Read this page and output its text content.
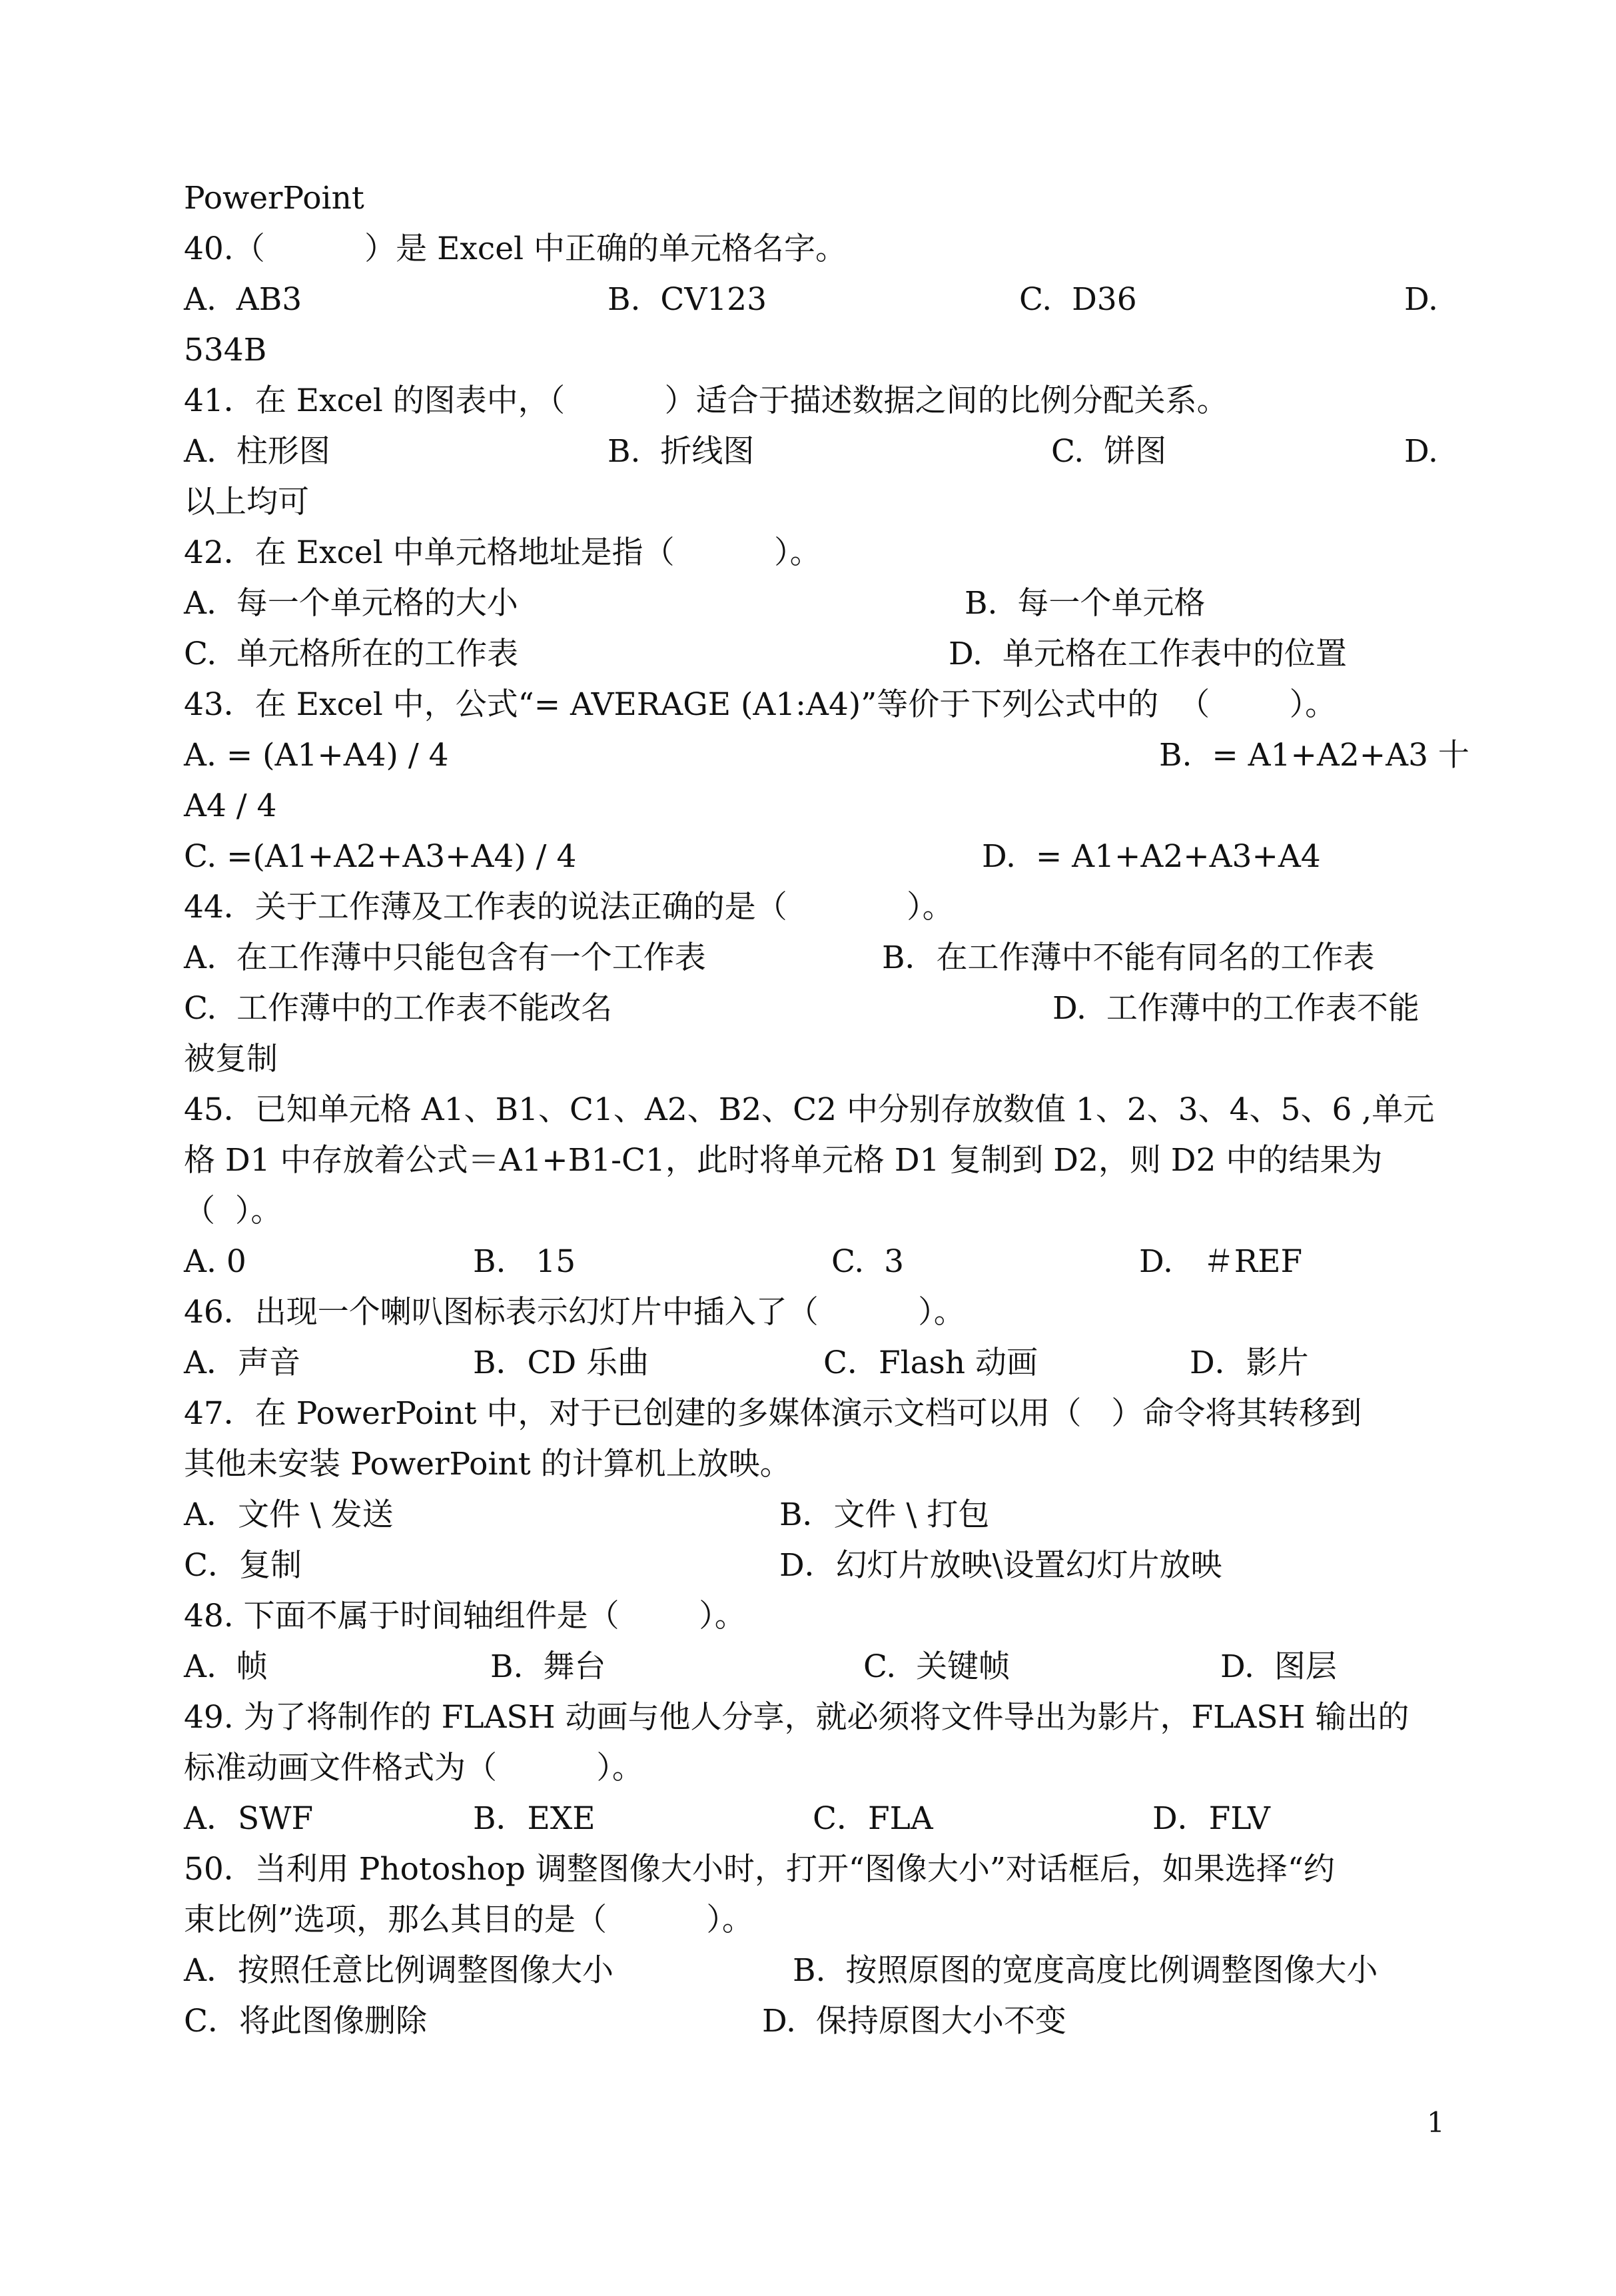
PowerPoint
40.（          ）是 Excel 中正确的单元格名字。
A.  AB3	B.  CV123	C.  D36	D.
534B
41．在 Excel 的图表中，（          ）适合于描述数据之间的比例分配关系。
A.  柱形图	B.  折线图	C.  饼图	D.
以上均可
42．在 Excel 中单元格地址是指（          ）。
A.  每一个单元格的大小	B.  每一个单元格
C.  单元格所在的工作表	D.  单元格在工作表中的位置
43．在 Excel 中，公式“= AVERAGE (A1:A4)”等价于下列公式中的  （        ）。
A. = (A1+A4) / 4	B.  = A1+A2+A3 十
A4 / 4
C. =(A1+A2+A3+A4) / 4	D.  = A1+A2+A3+A4
44．关于工作薄及工作表的说法正确的是（            ）。
A.  在工作薄中只能包含有一个工作表	B．在工作薄中不能有同名的工作表
C.  工作薄中的工作表不能改名	D.  工作薄中的工作表不能
被复制
45．已知单元格 A1、B1、C1、A2、B2、C2 中分别存放数值 1、2、3、4、5、6 ,单元
格 D1 中存放着公式＝A1+B1-C1，此时将单元格 D1 复制到 D2，则 D2 中的结果为
（  ）。
A. 0	B.   15	C.  3	D.   ＃REF
46．出现一个喇叭图标表示幻灯片中插入了（          ）。
A．声音	B．CD 乐曲	C．Flash 动画	D．影片
47．在 PowerPoint 中，对于已创建的多媒体演示文档可以用（   ）命令将其转移到
其他未安装 PowerPoint 的计算机上放映。
A．文件 \ 发送	B．文件 \ 打包
C．复制	D．幻灯片放映\设置幻灯片放映
48. 下面不属于时间轴组件是（        ）。
A.  帧	B.  舞台	C.  关键帧	D.  图层
49. 为了将制作的 FLASH 动画与他人分享，就必须将文件导出为影片，FLASH 输出的
标准动画文件格式为（          ）。
A．SWF	B．EXE	C．FLA	D．FLV
50．当利用 Photoshop 调整图像大小时，打开“图像大小”对话框后，如果选择“约
束比例”选项，那么其目的是（          ）。
A．按照任意比例调整图像大小	B.  按照原图的宽度高度比例调整图像大小
C．将此图像删除	D.  保持原图大小不变
1
